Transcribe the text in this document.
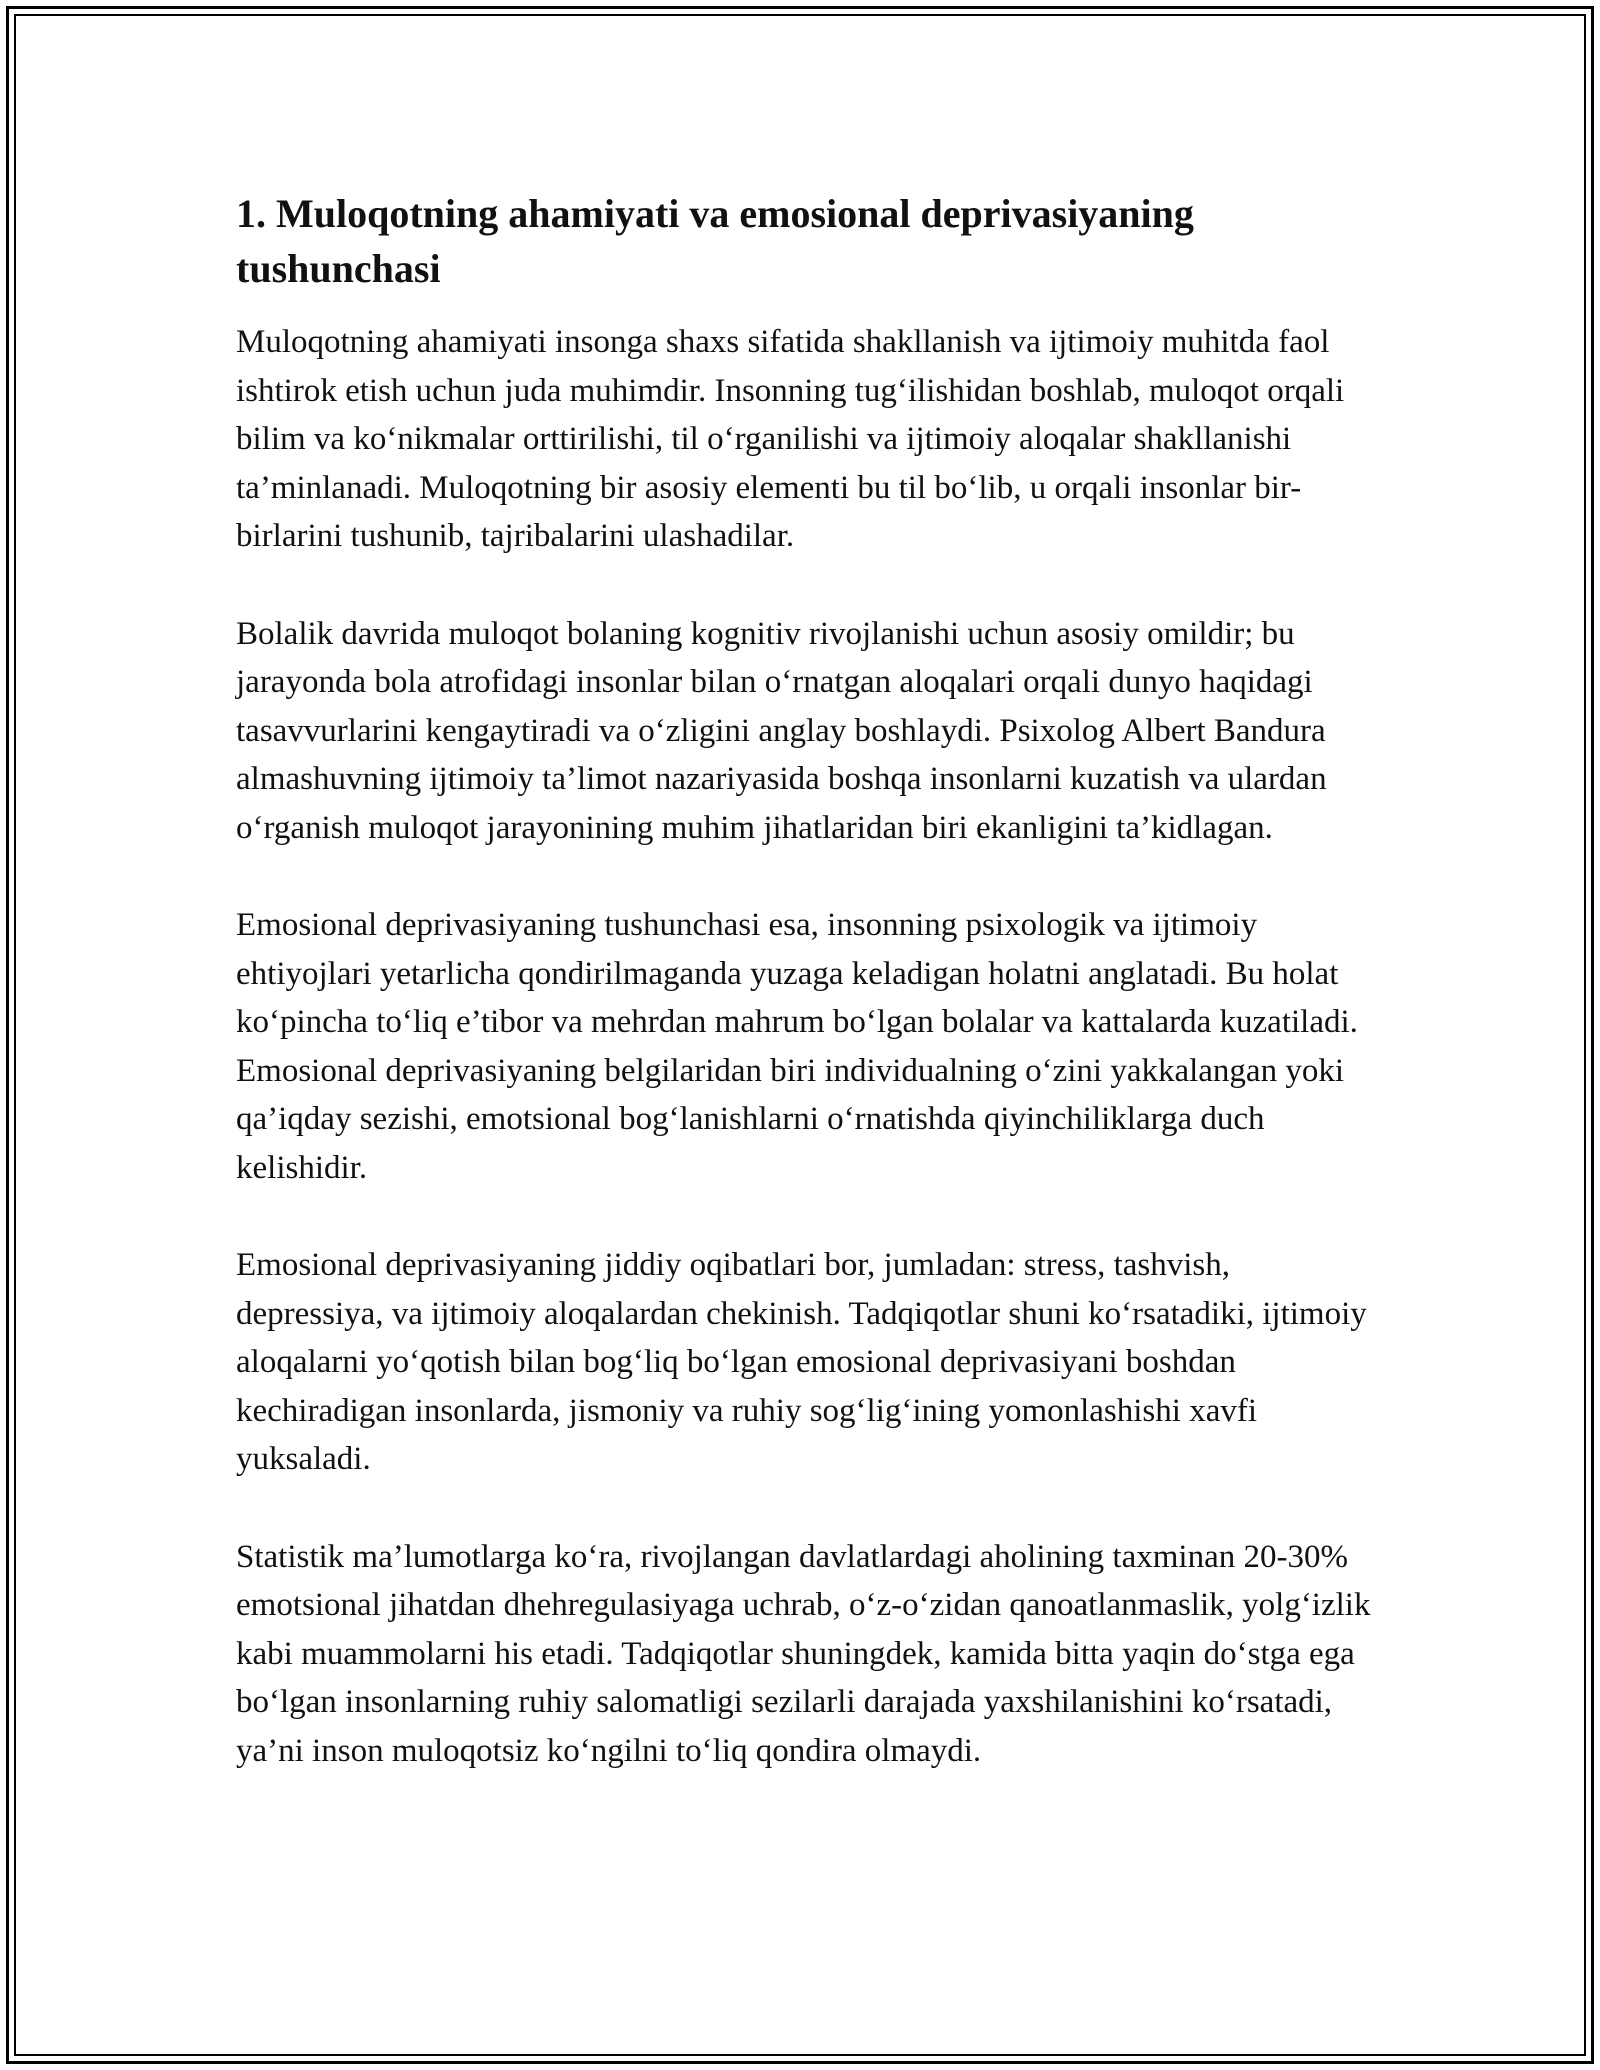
1. Muloqotning ahamiyati va emosional deprivasiyaning tushunchasi

Muloqotning ahamiyati insonga shaxs sifatida shakllanish va ijtimoiy muhitda faol ishtirok etish uchun juda muhimdir. Insonning tug‘ilishidan boshlab, muloqot orqali bilim va ko‘nikmalar orttirilishi, til o‘rganilishi va ijtimoiy aloqalar shakllanishi ta’minlanadi. Muloqotning bir asosiy elementi bu til bo‘lib, u orqali insonlar bir-birlarini tushunib, tajribalarini ulashadilar.

Bolalik davrida muloqot bolaning kognitiv rivojlanishi uchun asosiy omildir; bu jarayonda bola atrofidagi insonlar bilan o‘rnatgan aloqalari orqali dunyo haqidagi tasavvurlarini kengaytiradi va o‘zligini anglay boshlaydi. Psixolog Albert Bandura almashuvning ijtimoiy ta’limot nazariyasida boshqa insonlarni kuzatish va ulardan o‘rganish muloqot jarayonining muhim jihatlaridan biri ekanligini ta’kidlagan.

Emosional deprivasiyaning tushunchasi esa, insonning psixologik va ijtimoiy ehtiyojlari yetarlicha qondirilmaganda yuzaga keladigan holatni anglatadi. Bu holat ko‘pincha to‘liq e’tibor va mehrdan mahrum bo‘lgan bolalar va kattalarda kuzatiladi. Emosional deprivasiyaning belgilaridan biri individualning o‘zini yakkalangan yoki qa’iqday sezishi, emotsional bog‘lanishlarni o‘rnatishda qiyinchiliklarga duch kelishidir.

Emosional deprivasiyaning jiddiy oqibatlari bor, jumladan: stress, tashvish, depressiya, va ijtimoiy aloqalardan chekinish. Tadqiqotlar shuni ko‘rsatadiki, ijtimoiy aloqalarni yo‘qotish bilan bog‘liq bo‘lgan emosional deprivasiyani boshdan kechiradigan insonlarda, jismoniy va ruhiy sog‘lig‘ining yomonlashishi xavfi yuksaladi.

Statistik ma’lumotlarga ko‘ra, rivojlangan davlatlardagi aholining taxminan 20-30% emotsional jihatdan dhehregulasiyaga uchrab, o‘z-o‘zidan qanoatlanmaslik, yolg‘izlik kabi muammolarni his etadi. Tadqiqotlar shuningdek, kamida bitta yaqin do‘stga ega bo‘lgan insonlarning ruhiy salomatligi sezilarli darajada yaxshilanishini ko‘rsatadi, ya’ni inson muloqotsiz ko‘ngilni to‘liq qondira olmaydi.
